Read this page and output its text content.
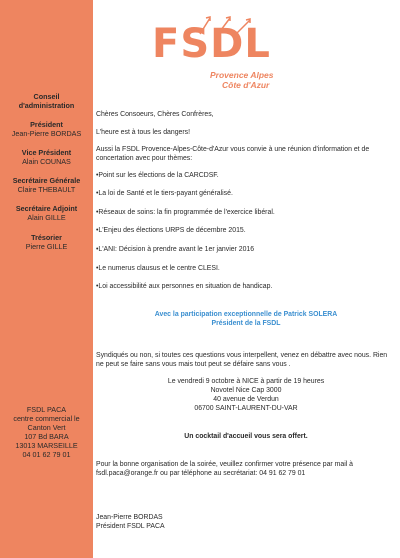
Conseil d'administration
Président
Jean-Pierre BORDAS
Vice Président
Alain COUNAS
Secrétaire Générale
Claire THEBAULT
Secrétaire Adjoint
Alain GILLE
Trésorier
Pierre GILLE
FSDL PACA
centre commercial le
Canton Vert
107 Bd BARA
13013 MARSEILLE
04 01 62 79 01
FSDL
Provence Alpes
Côte d'Azur
Chères Consoeurs, Chères Confrères,
L'heure est à tous les dangers!
Aussi la FSDL Provence-Alpes-Côte-d'Azur vous convie à une réunion d'information et de concertation avec pour thèmes:
•Point sur les élections de la CARCDSF.
•La loi de Santé et le tiers-payant généralisé.
•Réseaux de soins: la fin programmée de l'exercice libéral.
•L'Enjeu des élections URPS de décembre 2015.
•L'ANI: Décision à prendre avant le 1er janvier 2016
•Le numerus clausus et le centre CLESI.
•Loi accessibilité aux personnes en situation de handicap.
Avec la participation exceptionnelle de Patrick SOLERA
Président de la FSDL
Syndiqués ou non, si toutes ces questions vous interpellent, venez en débattre avec nous. Rien ne peut se faire sans vous mais tout peut se défaire sans vous .
Le vendredi 9 octobre à NICE à partir de 19 heures
Novotel Nice Cap 3000
40 avenue de Verdun
06700 SAINT-LAURENT-DU-VAR
Un cocktail d'accueil vous sera offert.
Pour la bonne organisation de la soirée, veuillez confirmer votre présence par mail à fsdl.paca@orange.fr ou par téléphone au secrétariat: 04 91 62 79 01
Jean-Pierre BORDAS
Président FSDL PACA
